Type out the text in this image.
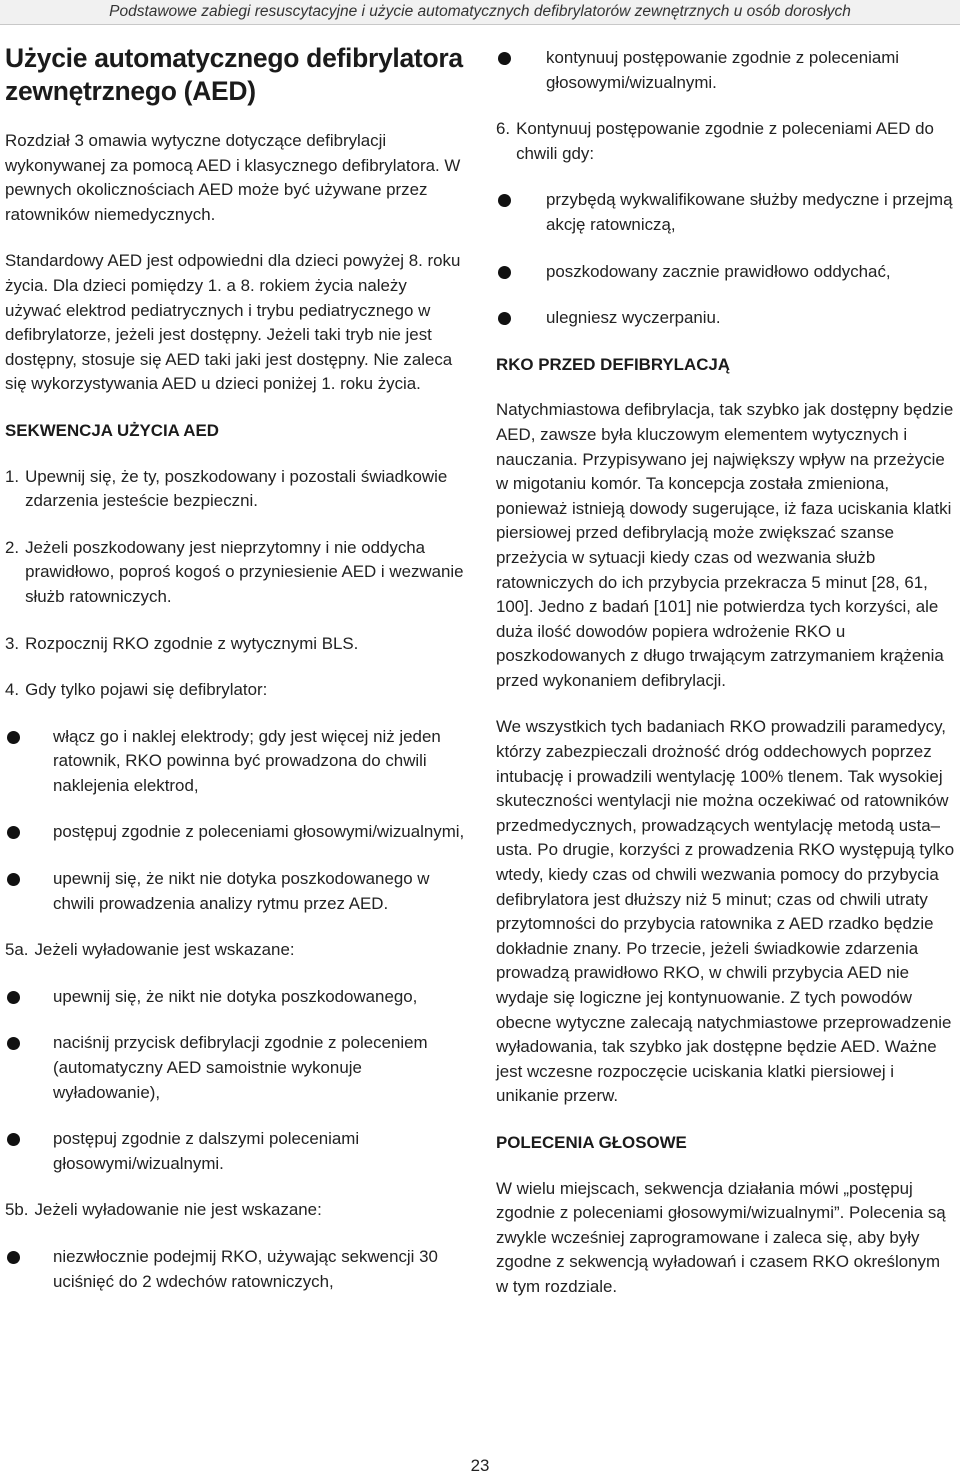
Podstawowe zabiegi resuscytacyjne i użycie automatycznych defibrylatorów zewnętrznych u osób dorosłych
Użycie automatycznego defibrylatora zewnętrznego (AED)

Rozdział 3 omawia wytyczne dotyczące defibrylacji wykonywanej za pomocą AED i klasycznego defibrylatora. W pewnych okolicznościach AED może być używane przez ratowników niemedycznych.

Standardowy AED jest odpowiedni dla dzieci powyżej 8. roku życia. Dla dzieci pomiędzy 1. a 8. rokiem życia należy używać elektrod pediatrycznych i trybu pediatrycznego w defibrylatorze, jeżeli jest dostępny. Jeżeli taki tryb nie jest dostępny, stosuje się AED taki jaki jest dostępny. Nie zaleca się wykorzystywania AED u dzieci poniżej 1. roku życia.

SEKWENCJA UŻYCIA AED
1. Upewnij się, że ty, poszkodowany i pozostali świadkowie zdarzenia jesteście bezpieczni.
2. Jeżeli poszkodowany jest nieprzytomny i nie oddycha prawidłowo, poproś kogoś o przyniesienie AED i wezwanie służb ratowniczych.
3. Rozpocznij RKO zgodnie z wytycznymi BLS.
4. Gdy tylko pojawi się defibrylator:
włącz go i naklej elektrody; gdy jest więcej niż jeden ratownik, RKO powinna być prowadzona do chwili naklejenia elektrod,
postępuj zgodnie z poleceniami głosowymi/wizualnymi,
upewnij się, że nikt nie dotyka poszkodowanego w chwili prowadzenia analizy rytmu przez AED.
5a. Jeżeli wyładowanie jest wskazane:
upewnij się, że nikt nie dotyka poszkodowanego,
naciśnij przycisk defibrylacji zgodnie z poleceniem (automatyczny AED samoistnie wykonuje wyładowanie),
postępuj zgodnie z dalszymi poleceniami głosowymi/wizualnymi.
5b. Jeżeli wyładowanie nie jest wskazane:
niezwłocznie podejmij RKO, używając sekwencji 30 uciśnięć do 2 wdechów ratowniczych,
kontynuuj postępowanie zgodnie z poleceniami głosowymi/wizualnymi.
6. Kontynuuj postępowanie zgodnie z poleceniami AED do chwili gdy:
przybędą wykwalifikowane służby medyczne i przejmą akcję ratowniczą,
poszkodowany zacznie prawidłowo oddychać,
ulegniesz wyczerpaniu.
RKO PRZED DEFIBRYLACJĄ

Natychmiastowa defibrylacja, tak szybko jak dostępny będzie AED, zawsze była kluczowym elementem wytycznych i nauczania. Przypisywano jej największy wpływ na przeżycie w migotaniu komór. Ta koncepcja została zmieniona, ponieważ istnieją dowody sugerujące, iż faza uciskania klatki piersiowej przed defibrylacją może zwiększać szanse przeżycia w sytuacji kiedy czas od wezwania służb ratowniczych do ich przybycia przekracza 5 minut [28, 61, 100]. Jedno z badań [101] nie potwierdza tych korzyści, ale duża ilość dowodów popiera wdrożenie RKO u poszkodowanych z długo trwającym zatrzymaniem krążenia przed wykonaniem defibrylacji.

We wszystkich tych badaniach RKO prowadzili paramedycy, którzy zabezpieczali drożność dróg oddechowych poprzez intubację i prowadzili wentylację 100% tlenem. Tak wysokiej skuteczności wentylacji nie można oczekiwać od ratowników przedmedycznych, prowadzących wentylację metodą usta–usta. Po drugie, korzyści z prowadzenia RKO występują tylko wtedy, kiedy czas od chwili wezwania pomocy do przybycia defibrylatora jest dłuższy niż 5 minut; czas od chwili utraty przytomności do przybycia ratownika z AED rzadko będzie dokładnie znany. Po trzecie, jeżeli świadkowie zdarzenia prowadzą prawidłowo RKO, w chwili przybycia AED nie wydaje się logiczne jej kontynuowanie. Z tych powodów obecne wytyczne zalecają natychmiastowe przeprowadzenie wyładowania, tak szybko jak dostępne będzie AED. Ważne jest wczesne rozpoczęcie uciskania klatki piersiowej i unikanie przerw.

POLECENIA GŁOSOWE

W wielu miejscach, sekwencja działania mówi „postępuj zgodnie z poleceniami głosowymi/wizualnymi”. Polecenia są zwykle wcześniej zaprogramowane i zaleca się, aby były zgodne z sekwencją wyładowań i czasem RKO określonym w tym rozdziale.

23
